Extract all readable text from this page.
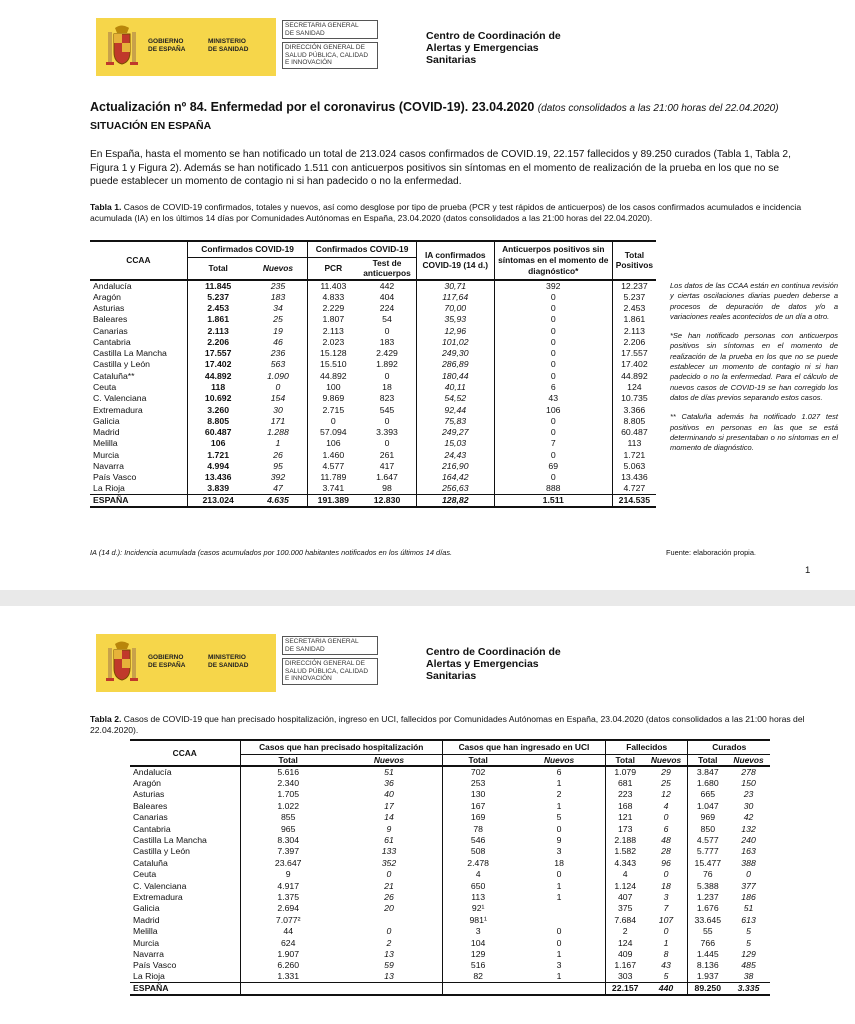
GOBIERNO
DE ESPAÑA
MINISTERIO
DE SANIDAD
SECRETARIA GENERAL
DE SANIDAD
DIRECCIÓN GENERAL DE
SALUD PÚBLICA, CALIDAD
E INNOVACIÓN
Centro de Coordinación de
Alertas y Emergencias
Sanitarias
Actualización nº 84. Enfermedad por el coronavirus (COVID-19). 23.04.2020 (datos consolidados a las 21:00 horas del 22.04.2020)
SITUACIÓN EN ESPAÑA
En España, hasta el momento se han notificado un total de 213.024 casos confirmados de COVID.19, 22.157 fallecidos y 89.250 curados (Tabla 1, Tabla 2, Figura 1 y Figura 2). Además se han notificado 1.511 con anticuerpos positivos sin síntomas en el momento de realización de la prueba en los que no se puede establecer un momento de contagio ni si han padecido o no la enfermedad.
Tabla 1. Casos de COVID-19 confirmados, totales y nuevos, así como desglose por tipo de prueba (PCR y test rápidos de anticuerpos) de los casos confirmados acumulados e incidencia acumulada (IA) en los últimos 14 días por Comunidades Autónomas en España, 23.04.2020 (datos consolidados a las 21:00 horas del 22.04.2020).
CCAA	Confirmados COVID-19		Confirmados COVID-19		IA confirmados COVID-19 (14 d.)	Anticuerpos positivos sin síntomas en el momento de diagnóstico*	Total Positivos
	Total	Nuevos	PCR	Test de anticuerpos			
Andalucía	11.845	235	11.403	442	30,71	392	12.237
Aragón	5.237	183	4.833	404	117,64	0	5.237
Asturias	2.453	34	2.229	224	70,00	0	2.453
Baleares	1.861	25	1.807	54	35,93	0	1.861
Canarias	2.113	19	2.113	0	12,96	0	2.113
Cantabria	2.206	46	2.023	183	101,02	0	2.206
Castilla La Mancha	17.557	236	15.128	2.429	249,30	0	17.557
Castilla y León	17.402	563	15.510	1.892	286,89	0	17.402
Cataluña**	44.892	1.090	44.892	0	180,44	0	44.892
Ceuta	118	0	100	18	40,11	6	124
C. Valenciana	10.692	154	9.869	823	54,52	43	10.735
Extremadura	3.260	30	2.715	545	92,44	106	3.366
Galicia	8.805	171	0	0	75,83	0	8.805
Madrid	60.487	1.288	57.094	3.393	249,27	0	60.487
Melilla	106	1	106	0	15,03	7	113
Murcia	1.721	26	1.460	261	24,43	0	1.721
Navarra	4.994	95	4.577	417	216,90	69	5.063
País Vasco	13.436	392	11.789	1.647	164,42	0	13.436
La Rioja	3.839	47	3.741	98	256,63	888	4.727
ESPAÑA	213.024	4.635	191.389	12.830	128,82	1.511	214.535

Los datos de las CCAA están en continua revisión y ciertas oscilaciones diarias pueden deberse a procesos de depuración de datos y/o a variaciones reales acontecidos de un día a otro.

*Se han notificado personas con anticuerpos positivos sin síntomas en el momento de realización de la prueba en los que no se puede establecer un momento de contagio ni si han padecido o no la enfermedad. Para el cálculo de nuevos casos de COVID-19 se han corregido los datos de días previos separando estos casos.

** Cataluña además ha notificado 1.027 test positivos en personas en las que se está determinando si presentaban o no síntomas en el momento de diagnóstico.

IA (14 d.): Incidencia acumulada (casos acumulados por 100.000 habitantes notificados en los últimos 14 días.	Fuente: elaboración propia.
1
GOBIERNO
DE ESPAÑA
MINISTERIO
DE SANIDAD
SECRETARIA GENERAL
DE SANIDAD
DIRECCIÓN GENERAL DE
SALUD PÚBLICA, CALIDAD
E INNOVACIÓN
Centro de Coordinación de
Alertas y Emergencias
Sanitarias
Tabla 2. Casos de COVID-19 que han precisado hospitalización, ingreso en UCI, fallecidos por Comunidades Autónomas en España, 23.04.2020 (datos consolidados a las 21:00 horas del 22.04.2020).
CCAA	Casos que han precisado hospitalización		Casos que han ingresado en UCI		Fallecidos		Curados	
	Total	Nuevos	Total	Nuevos	Total	Nuevos	Total	Nuevos
Andalucía	5.616	51	702	6	1.079	29	3.847	278
Aragón	2.340	36	253	1	681	25	1.680	150
Asturias	1.705	40	130	2	223	12	665	23
Baleares	1.022	17	167	1	168	4	1.047	30
Canarias	855	14	169	5	121	0	969	42
Cantabria	965	9	78	0	173	6	850	132
Castilla La Mancha	8.304	61	546	9	2.188	48	4.577	240
Castilla y León	7.397	133	508	3	1.582	28	5.777	163
Cataluña	23.647	352	2.478	18	4.343	96	15.477	388
Ceuta	9	0	4	0	4	0	76	0
C. Valenciana	4.917	21	650	1	1.124	18	5.388	377
Extremadura	1.375	26	113	1	407	3	1.237	186
Galicia	2.694	20	92¹		375	7	1.676	51
Madrid	7.077²		981¹		7.684	107	33.645	613
Melilla	44	0	3	0	2	0	55	5
Murcia	624	2	104	0	124	1	766	5
Navarra	1.907	13	129	1	409	8	1.445	129
País Vasco	6.260	59	516	3	1.167	43	8.136	485
La Rioja	1.331	13	82	1	303	5	1.937	38
ESPAÑA					22.157	440	89.250	3.335
